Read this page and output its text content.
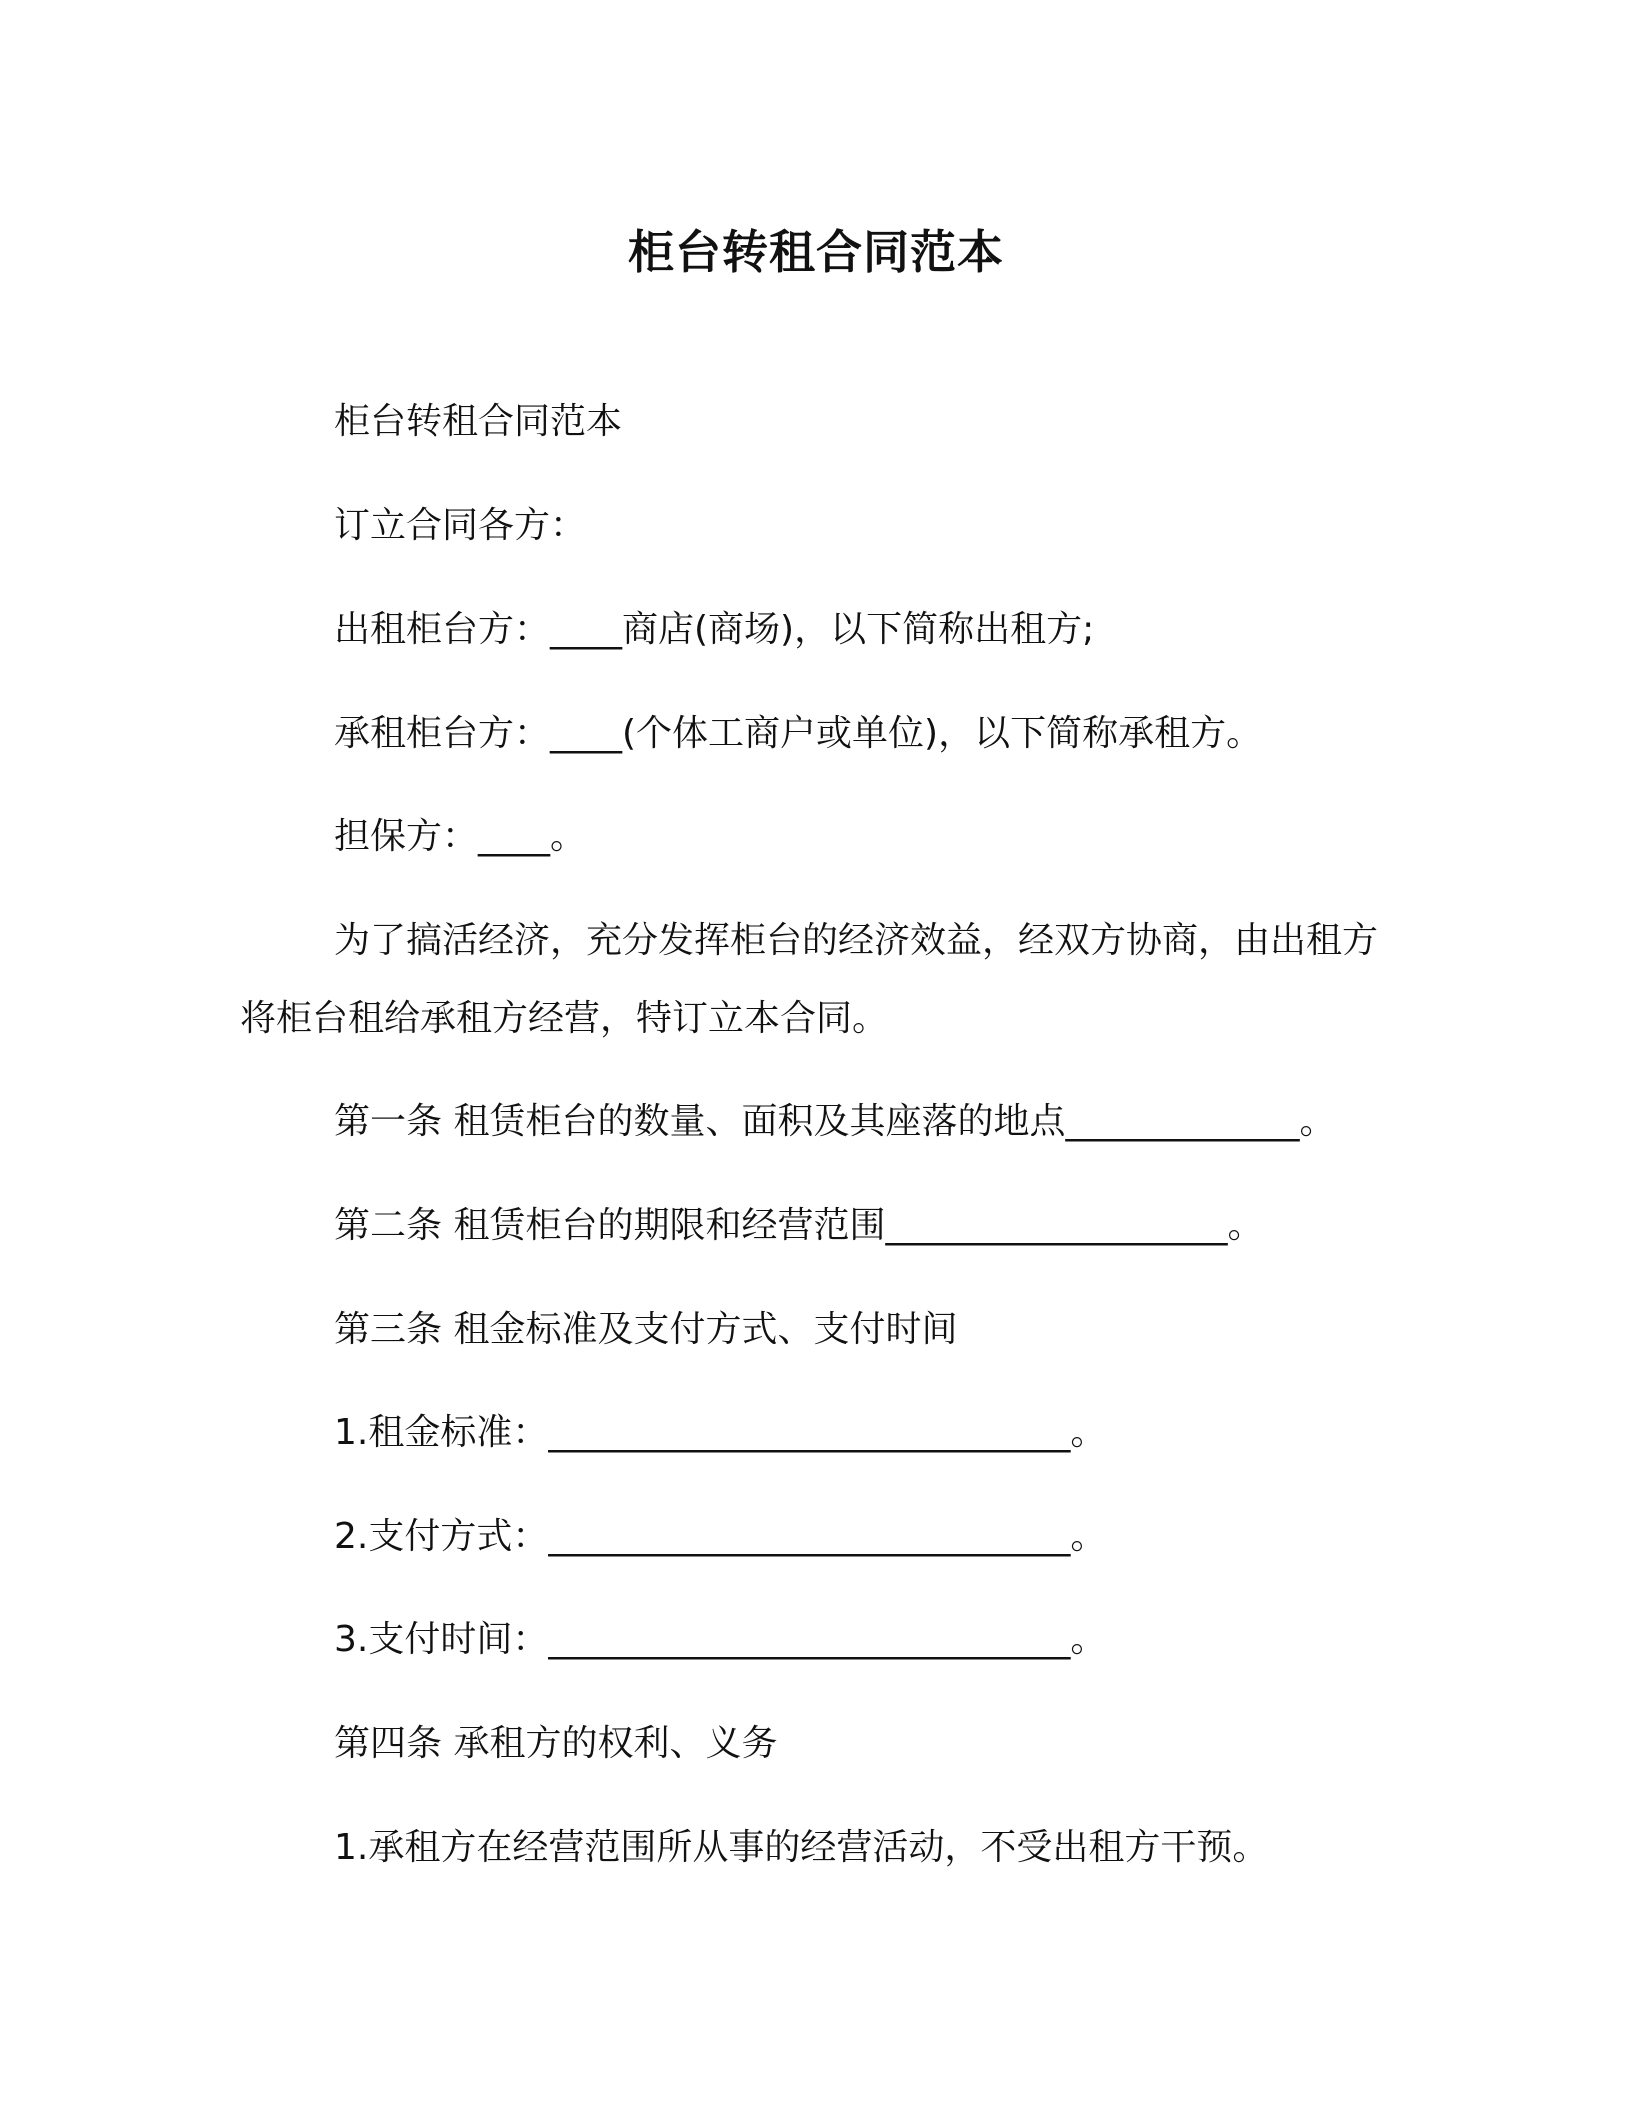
柜台转租合同范本
柜台转租合同范本
订立合同各方：
出租柜台方：____商店(商场)，以下简称出租方;
承租柜台方：____(个体工商户或单位)，以下简称承租方。
担保方：____。
为了搞活经济，充分发挥柜台的经济效益，经双方协商，由出租方将柜台租给承租方经营，特订立本合同。
第一条 租赁柜台的数量、面积及其座落的地点_____________。
第二条 租赁柜台的期限和经营范围___________________。
第三条 租金标准及支付方式、支付时间
1.租金标准：_____________________________。
2.支付方式：_____________________________。
3.支付时间：_____________________________。
第四条 承租方的权利、义务
1.承租方在经营范围所从事的经营活动，不受出租方干预。
